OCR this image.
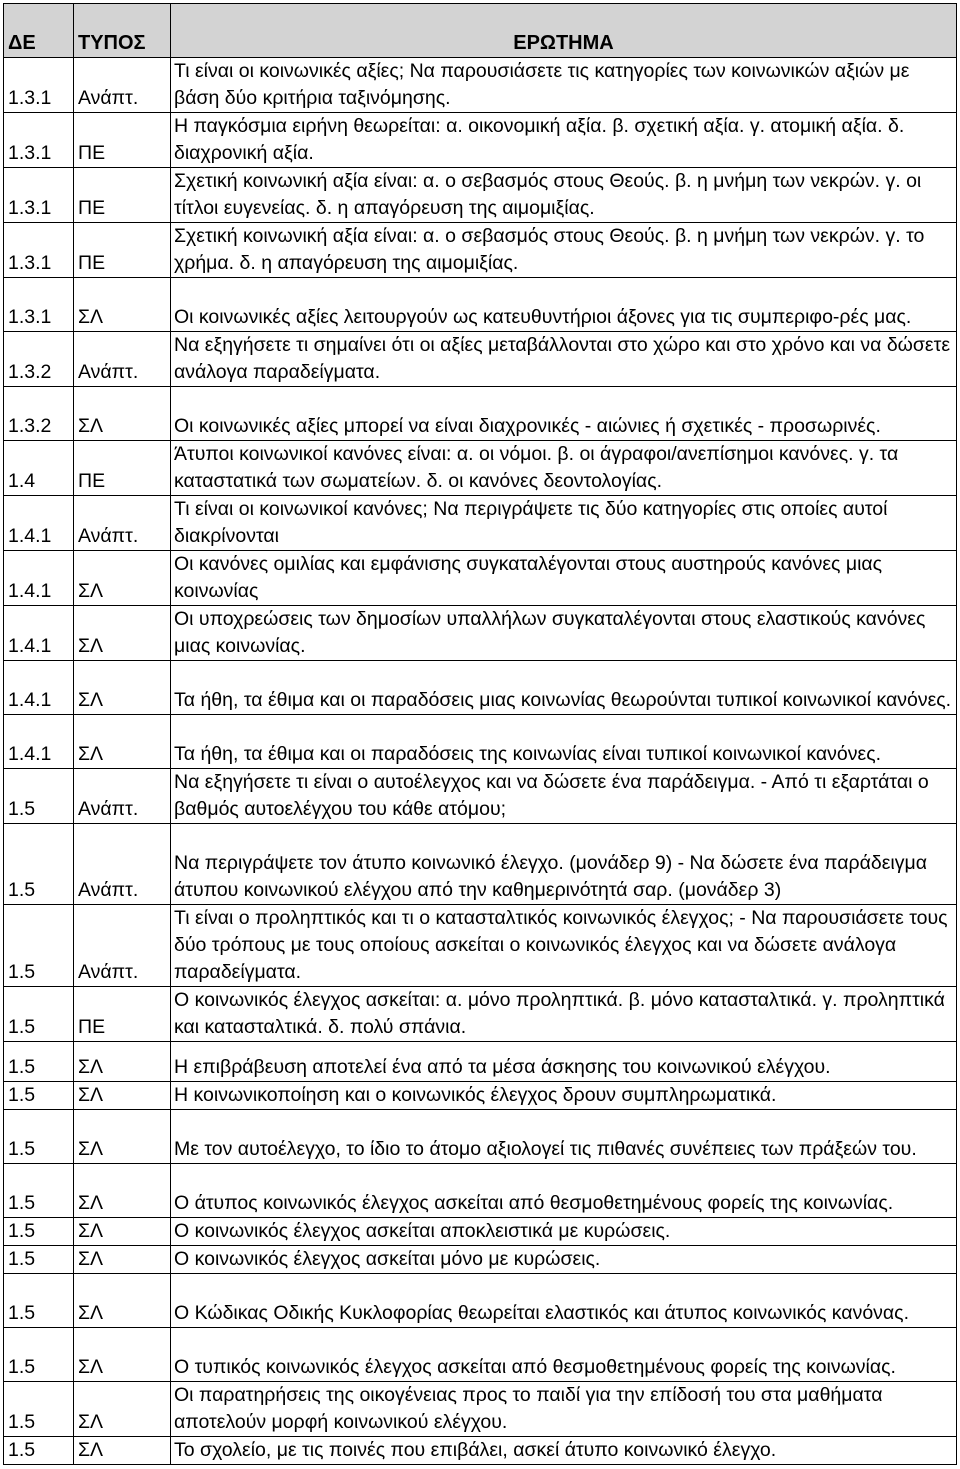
ΔΕ	ΤΥΠΟΣ	ΕΡΩΤΗΜΑ
1.3.1	Ανάπτ.	Τι είναι οι κοινωνικές αξίες; Να παρουσιάσετε τις κατηγορίες των κοινωνικών αξιών με βάση δύο κριτήρια ταξινόμησης.
1.3.1	ΠΕ	Η παγκόσμια ειρήνη θεωρείται: α. οικονομική αξία. β. σχετική αξία. γ. ατομική αξία. δ. διαχρονική αξία.
1.3.1	ΠΕ	Σχετική κοινωνική αξία είναι: α. ο σεβασμός στους Θεούς. β. η μνήμη των νεκρών. γ. οι τίτλοι ευγενείας. δ. η απαγόρευση της αιμομιξίας.
1.3.1	ΠΕ	Σχετική κοινωνική αξία είναι: α. ο σεβασμός στους Θεούς. β. η μνήμη των νεκρών. γ. το χρήμα. δ. η απαγόρευση της αιμομιξίας.
1.3.1	ΣΛ	Οι κοινωνικές αξίες λειτουργούν ως κατευθυντήριοι άξονες για τις συμπεριφο-ρές μας.
1.3.2	Ανάπτ.	Να εξηγήσετε τι σημαίνει ότι οι αξίες μεταβάλλονται στο χώρο και στο χρόνο και να δώσετε ανάλογα παραδείγματα.
1.3.2	ΣΛ	Οι κοινωνικές αξίες μπορεί να είναι διαχρονικές - αιώνιες ή σχετικές - προσωρινές.
1.4	ΠΕ	Άτυποι κοινωνικοί κανόνες είναι: α. οι νόμοι. β. οι άγραφοι/ανεπίσημοι κανόνες. γ. τα καταστατικά των σωματείων. δ. οι κανόνες δεοντολογίας.
1.4.1	Ανάπτ.	Τι είναι οι κοινωνικοί κανόνες; Να περιγράψετε τις δύο κατηγορίες στις οποίες αυτοί διακρίνονται
1.4.1	ΣΛ	Οι κανόνες ομιλίας και εμφάνισης συγκαταλέγονται στους αυστηρούς κανόνες μιας κοινωνίας
1.4.1	ΣΛ	Οι υποχρεώσεις των δημοσίων υπαλλήλων συγκαταλέγονται στους ελαστικούς κανόνες μιας κοινωνίας.
1.4.1	ΣΛ	Τα ήθη, τα έθιμα και οι παραδόσεις μιας κοινωνίας θεωρούνται τυπικοί κοινωνικοί κανόνες.
1.4.1	ΣΛ	Τα ήθη, τα έθιμα και οι παραδόσεις της κοινωνίας είναι τυπικοί κοινωνικοί κανόνες.
1.5	Ανάπτ.	Να εξηγήσετε τι είναι ο αυτοέλεγχος και να δώσετε ένα παράδειγμα. - Από τι εξαρτάται ο βαθμός αυτοελέγχου του κάθε ατόμου;
1.5	Ανάπτ.	Να περιγράψετε τον άτυπο κοινωνικό έλεγχο. (μονάδερ 9) - Να δώσετε ένα παράδειγμα άτυπου κοινωνικού ελέγχου από την καθημερινότητά σαρ. (μονάδερ 3)
1.5	Ανάπτ.	Τι είναι ο προληπτικός και τι ο κατασταλτικός κοινωνικός έλεγχος; - Να παρουσιάσετε τους δύο τρόπους με τους οποίους ασκείται ο κοινωνικός έλεγχος και να δώσετε ανάλογα παραδείγματα.
1.5	ΠΕ	Ο κοινωνικός έλεγχος ασκείται: α. μόνο προληπτικά. β. μόνο κατασταλτικά. γ. προληπτικά και κατασταλτικά. δ. πολύ σπάνια.
1.5	ΣΛ	Η επιβράβευση αποτελεί ένα από τα μέσα άσκησης του κοινωνικού ελέγχου.
1.5	ΣΛ	Η κοινωνικοποίηση και ο κοινωνικός έλεγχος δρουν συμπληρωματικά.
1.5	ΣΛ	Με τον αυτοέλεγχο, το ίδιο το άτομο αξιολογεί τις πιθανές συνέπειες των πράξεών του.
1.5	ΣΛ	Ο άτυπος κοινωνικός έλεγχος ασκείται από θεσμοθετημένους φορείς της κοινωνίας.
1.5	ΣΛ	Ο κοινωνικός έλεγχος ασκείται αποκλειστικά με κυρώσεις.
1.5	ΣΛ	Ο κοινωνικός έλεγχος ασκείται μόνο με κυρώσεις.
1.5	ΣΛ	Ο Κώδικας Οδικής Κυκλοφορίας θεωρείται ελαστικός και άτυπος κοινωνικός κανόνας.
1.5	ΣΛ	Ο τυπικός κοινωνικός έλεγχος ασκείται από θεσμοθετημένους φορείς της κοινωνίας.
1.5	ΣΛ	Οι παρατηρήσεις της οικογένειας προς το παιδί για την επίδοσή του στα μαθήματα αποτελούν μορφή κοινωνικού ελέγχου.
1.5	ΣΛ	Το σχολείο, με τις ποινές που επιβάλει, ασκεί άτυπο κοινωνικό έλεγχο.
